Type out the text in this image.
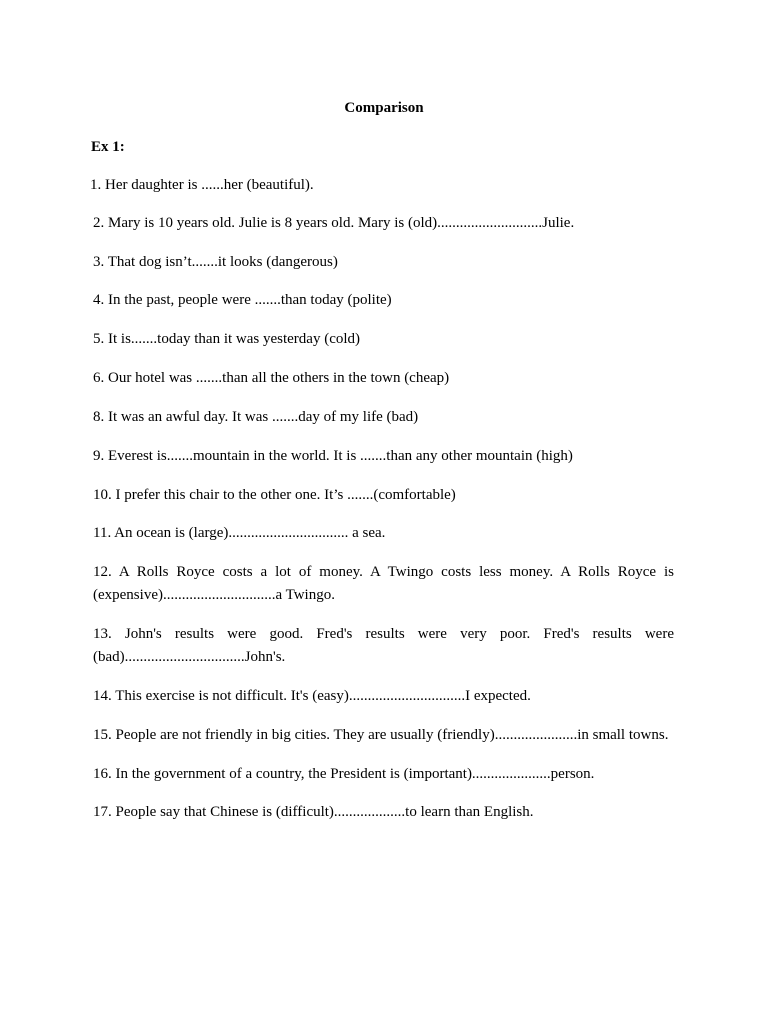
Comparison
Ex 1:
1. Her daughter is ......her (beautiful).
2. Mary is 10 years old. Julie is 8 years old. Mary is (old)............................Julie.
3. That dog isn’t.......it looks (dangerous)
4. In the past, people were .......than today (polite)
5. It is.......today than it was yesterday (cold)
6. Our hotel was .......than all the others in the town (cheap)
8. It was an awful day. It was .......day of my life (bad)
9. Everest is.......mountain in the world. It is .......than any other mountain (high)
10. I prefer this chair to the other one. It’s .......(comfortable)
11. An ocean is (large)................................ a sea.
12. A Rolls Royce costs a lot of money. A Twingo costs less money. A Rolls Royce is (expensive)..............................a Twingo.
13. John's results were good. Fred's results were very poor. Fred's results were (bad)................................John's.
14. This exercise is not difficult. It's (easy)...............................I expected.
15. People are not friendly in big cities. They are usually (friendly)......................in small towns.
16. In the government of a country, the President is (important).....................person.
17. People say that Chinese is (difficult)...................to learn than English.
